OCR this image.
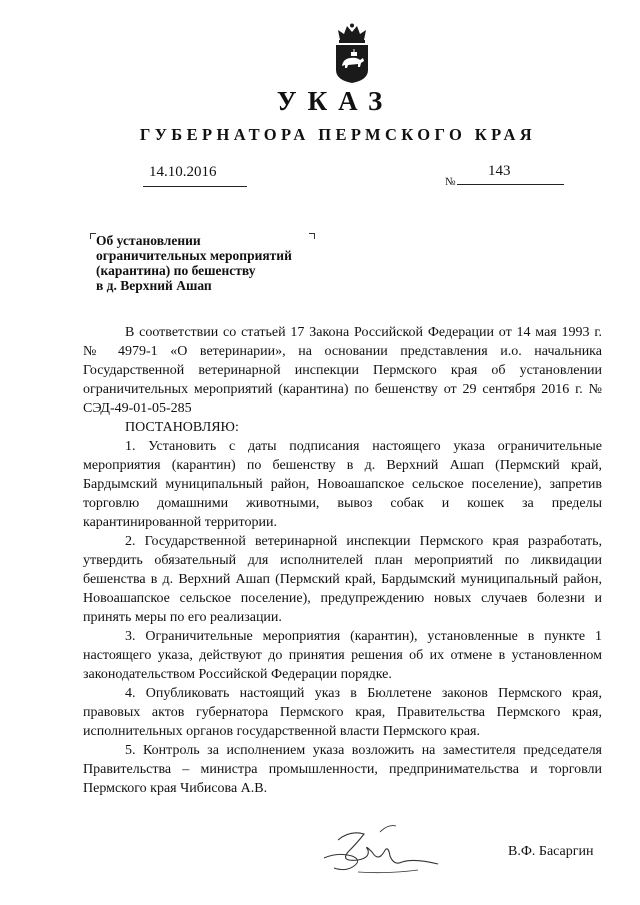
УКАЗ
ГУБЕРНАТОРА ПЕРМСКОГО КРАЯ
14.10.2016
№
143

Об установлении
ограничительных мероприятий
(карантина) по бешенству
в д. Верхний Ашап

В соответствии со статьей 17 Закона Российской Федерации от 14 мая 1993 г. № 4979-1 «О ветеринарии», на основании представления и.о. начальника Государственной ветеринарной инспекции Пермского края об установлении ограничительных мероприятий (карантина) по бешенству от 29 сентября 2016 г. № СЭД-49-01-05-285

ПОСТАНОВЛЯЮ:

1. Установить с даты подписания настоящего указа ограничительные мероприятия (карантин) по бешенству в д. Верхний Ашап (Пермский край, Бардымский муниципальный район, Новоашапское сельское поселение), запретив торговлю домашними животными, вывоз собак и кошек за пределы карантинированной территории.

2. Государственной ветеринарной инспекции Пермского края разработать, утвердить обязательный для исполнителей план мероприятий по ликвидации бешенства в д. Верхний Ашап (Пермский край, Бардымский муниципальный район, Новоашапское сельское поселение), предупреждению новых случаев болезни и принять меры по его реализации.

3. Ограничительные мероприятия (карантин), установленные в пункте 1 настоящего указа, действуют до принятия решения об их отмене в установленном законодательством Российской Федерации порядке.

4. Опубликовать настоящий указ в Бюллетене законов Пермского края, правовых актов губернатора Пермского края, Правительства Пермского края, исполнительных органов государственной власти Пермского края.

5. Контроль за исполнением указа возложить на заместителя председателя Правительства – министра промышленности, предпринимательства и торговли Пермского края Чибисова А.В.

В.Ф. Басаргин
